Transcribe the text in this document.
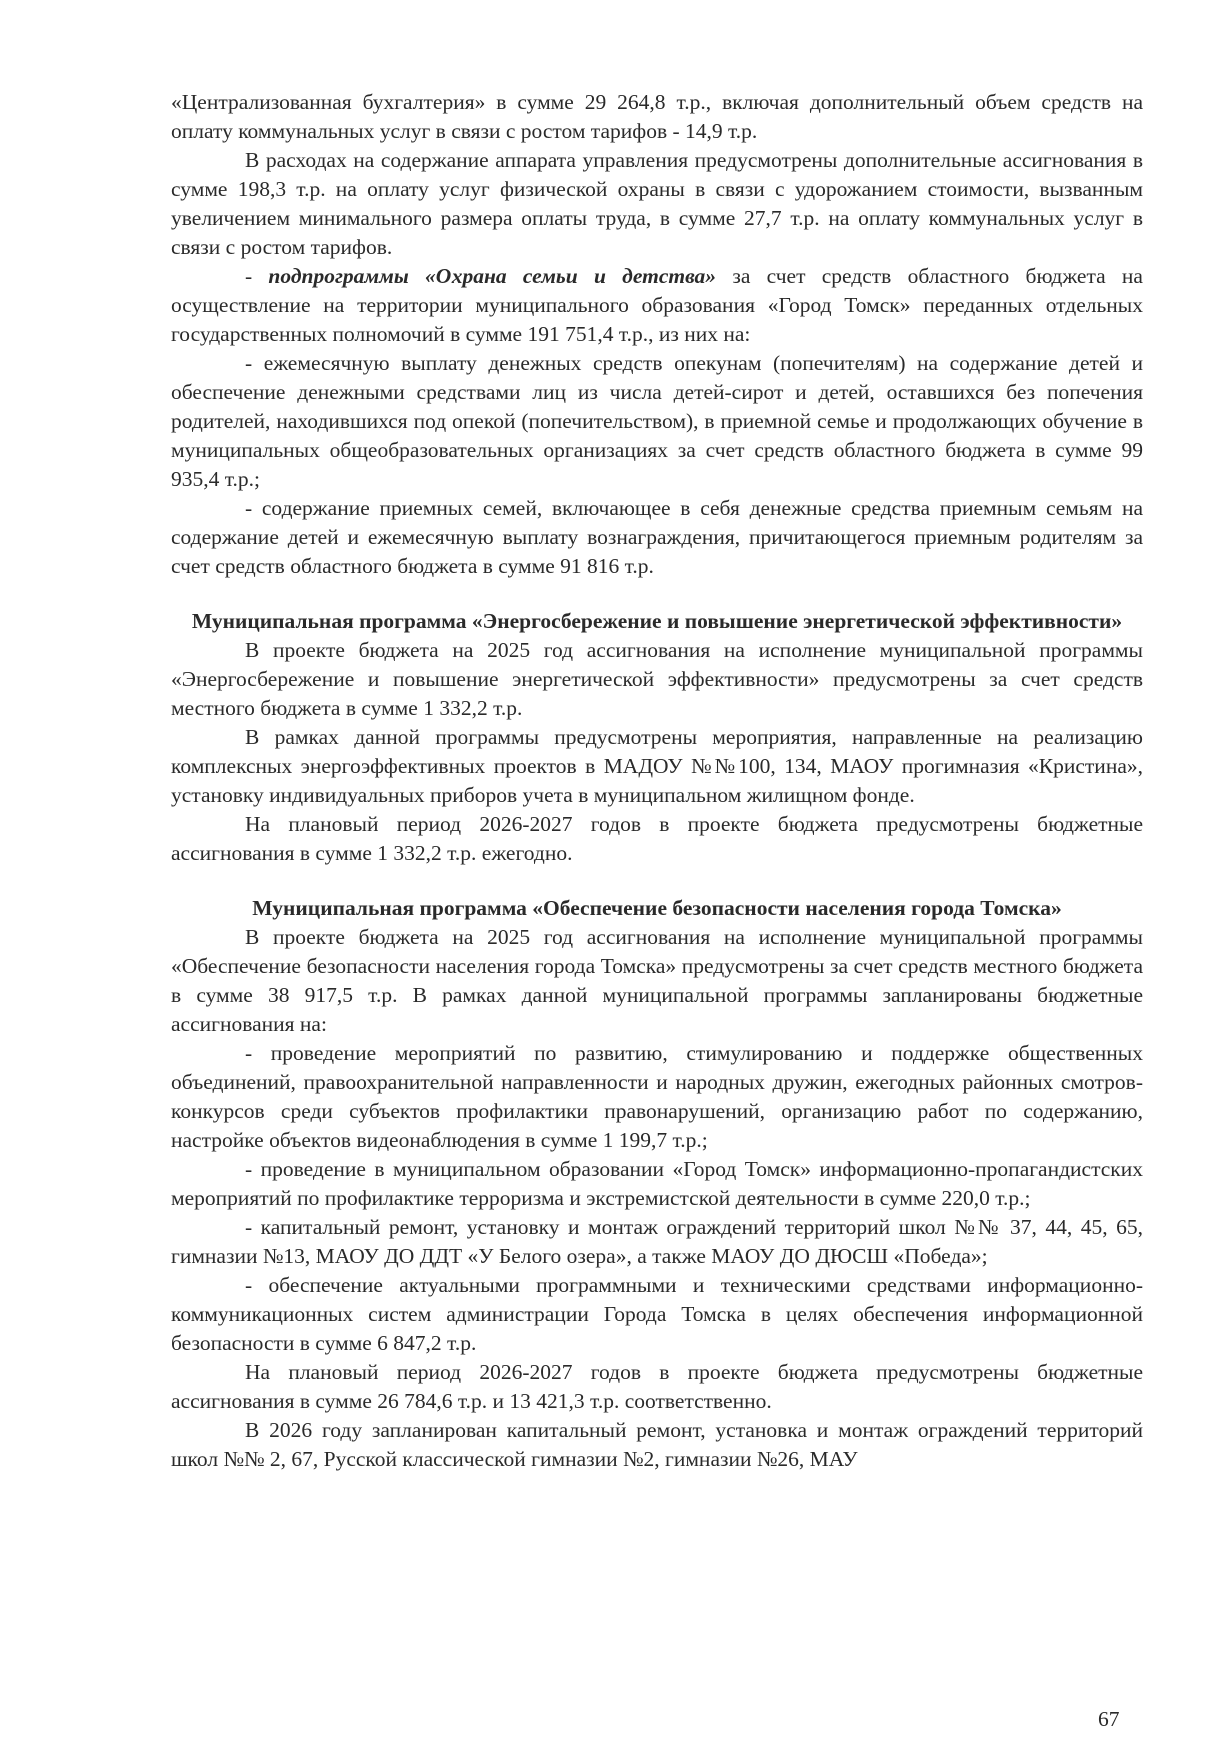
«Централизованная бухгалтерия» в сумме 29 264,8 т.р., включая дополнительный объем средств на оплату коммунальных услуг в связи с ростом тарифов - 14,9 т.р.

В расходах на содержание аппарата управления предусмотрены дополнительные ассигнования в сумме 198,3 т.р. на оплату услуг физической охраны в связи с удорожанием стоимости, вызванным увеличением минимального размера оплаты труда, в сумме 27,7 т.р. на оплату коммунальных услуг в связи с ростом тарифов.

- подпрограммы «Охрана семьи и детства» за счет средств областного бюджета на осуществление на территории муниципального образования «Город Томск» переданных отдельных государственных полномочий в сумме 191 751,4 т.р., из них на:

- ежемесячную выплату денежных средств опекунам (попечителям) на содержание детей и обеспечение денежными средствами лиц из числа детей-сирот и детей, оставшихся без попечения родителей, находившихся под опекой (попечительством), в приемной семье и продолжающих обучение в муниципальных общеобразовательных организациях за счет средств областного бюджета в сумме 99 935,4 т.р.;

- содержание приемных семей, включающее в себя денежные средства приемным семьям на содержание детей и ежемесячную выплату вознаграждения, причитающегося приемным родителям за счет средств областного бюджета в сумме 91 816 т.р.

Муниципальная программа «Энергосбережение и повышение энергетической эффективности»

В проекте бюджета на 2025 год ассигнования на исполнение муниципальной программы «Энергосбережение и повышение энергетической эффективности» предусмотрены за счет средств местного бюджета в сумме 1 332,2 т.р.

В рамках данной программы предусмотрены мероприятия, направленные на реализацию комплексных энергоэффективных проектов в МАДОУ №№100, 134, МАОУ прогимназия «Кристина», установку индивидуальных приборов учета в муниципальном жилищном фонде.

На плановый период 2026-2027 годов в проекте бюджета предусмотрены бюджетные ассигнования в сумме 1 332,2 т.р. ежегодно.

Муниципальная программа «Обеспечение безопасности населения города Томска»

В проекте бюджета на 2025 год ассигнования на исполнение муниципальной программы «Обеспечение безопасности населения города Томска» предусмотрены за счет средств местного бюджета в сумме 38 917,5 т.р. В рамках данной муниципальной программы запланированы бюджетные ассигнования на:

- проведение мероприятий по развитию, стимулированию и поддержке общественных объединений, правоохранительной направленности и народных дружин, ежегодных районных смотров-конкурсов среди субъектов профилактики правонарушений, организацию работ по содержанию, настройке объектов видеонаблюдения в сумме 1 199,7 т.р.;

- проведение в муниципальном образовании «Город Томск» информационно-пропагандистских мероприятий по профилактике терроризма и экстремистской деятельности в сумме 220,0 т.р.;

- капитальный ремонт, установку и монтаж ограждений территорий школ №№ 37, 44, 45, 65, гимназии №13, МАОУ ДО ДДТ «У Белого озера», а также МАОУ ДО ДЮСШ «Победа»;

- обеспечение актуальными программными и техническими средствами информационно-коммуникационных систем администрации Города Томска в целях обеспечения информационной безопасности в сумме 6 847,2 т.р.

На плановый период 2026-2027 годов в проекте бюджета предусмотрены бюджетные ассигнования в сумме 26 784,6 т.р. и 13 421,3 т.р. соответственно.

В 2026 году запланирован капитальный ремонт, установка и монтаж ограждений территорий школ №№ 2, 67, Русской классической гимназии №2, гимназии №26, МАУ

67
